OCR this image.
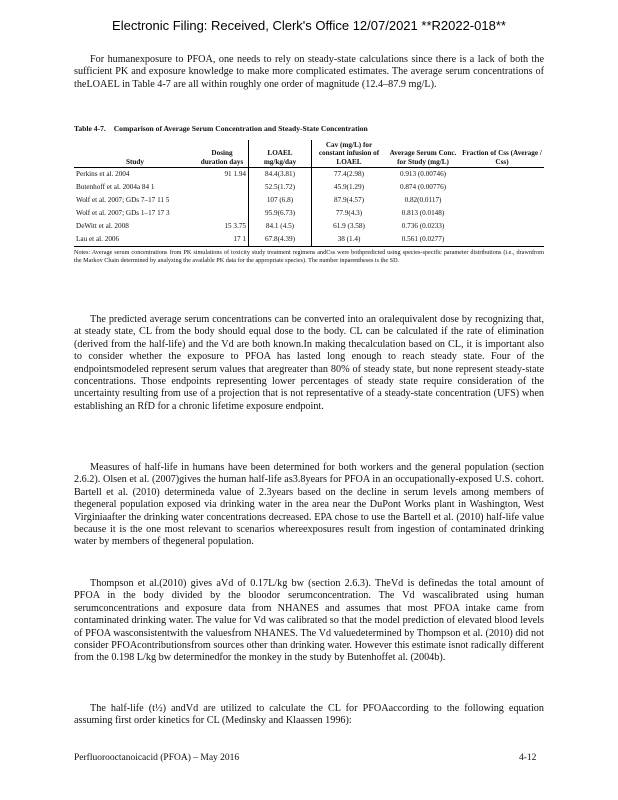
Electronic Filing: Received, Clerk's Office 12/07/2021 **R2022-018**

For humanexposure to PFOA, one needs to rely on steady-state calculations since there is a lack of both the sufficient PK and exposure knowledge to make more complicated estimates. The average serum concentrations of theLOAEL in Table 4-7 are all within roughly one order of magnitude (12.4–87.9 mg/L).

Table 4-7. Comparison of Average Serum Concentration and Steady-State Concentration
Study	Dosing duration days	LOAEL mg/kg/day	Cav (mg/L) for constant infusion of LOAEL	Average Serum Conc. for Study (mg/L)	Fraction of Css (Average / Css)
Perkins et al. 2004	91 1.94	84.4(3.81)	77.4(2.98)	0.913 (0.00746)	
Butenhoff et al. 2004a 84 1		52.5(1.72)	45.9(1.29)	0.874 (0.00776)	
Wolf et al. 2007; GDs 7–17 11 5		107 (6.8)	87.9(4.57)	0.82(0.0117)	
Wolf et al. 2007; GDs 1–17 17 3		95.9(6.73)	77.9(4.3)	0.813 (0.0148)	
DeWitt et al. 2008	15 3.75	84.1 (4.5)	61.9 (3.58)	0.736 (0.0233)	
Lau et al. 2006	17 1	67.8(4.39)	38 (1.4)	0.561 (0.0277)	
Notes: Average serum concentrations from PK simulations of toxicity study treatment regimens andCss were bothpredicted using species-specific parameter distributions (i.e., drawnfrom the Markov Chain determined by analyzing the available PK data for the appropriate species). The number inparentheses is the SD.

The predicted average serum concentrations can be converted into an oralequivalent dose by recognizing that, at steady state, CL from the body should equal dose to the body. CL can be calculated if the rate of elimination (derived from the half-life) and the Vd are both known.In making thecalculation based on CL, it is important also to consider whether the exposure to PFOA has lasted long enough to reach steady state. Four of the endpointsmodeled represent serum values that aregreater than 80% of steady state, but none represent steady-state concentrations. Those endpoints representing lower percentages of steady state require consideration of the uncertainty resulting from use of a projection that is not representative of a steady-state concentration (UFS) when establishing an RfD for a chronic lifetime exposure endpoint.

Measures of half-life in humans have been determined for both workers and the general population (section 2.6.2). Olsen et al. (2007)gives the human half-life as3.8years for PFOA in an occupationally-exposed U.S. cohort. Bartell et al. (2010) determineda value of 2.3years based on the decline in serum levels among members of thegeneral population exposed via drinking water in the area near the DuPont Works plant in Washington, West Virginiaafter the drinking water concentrations decreased. EPA chose to use the Bartell et al. (2010) half-life value because it is the one most relevant to scenarios whereexposures result from ingestion of contaminated drinking water by members of thegeneral population.

Thompson et al.(2010) gives aVd of 0.17L/kg bw (section 2.6.3). TheVd is definedas the total amount of PFOA in the body divided by the bloodor serumconcentration. The Vd wascalibrated using human serumconcentrations and exposure data from NHANES and assumes that most PFOA intake came from contaminated drinking water. The value for Vd was calibrated so that the model prediction of elevated blood levels of PFOA wasconsistentwith the valuesfrom NHANES. The Vd valuedetermined by Thompson et al. (2010) did not consider PFOAcontributionsfrom sources other than drinking water. However this estimate isnot radically different from the 0.198 L/kg bw determinedfor the monkey in the study by Butenhoffet al. (2004b).

The half-life (t½) andVd are utilized to calculate the CL for PFOAaccording to the following equation assuming first order kinetics for CL (Medinsky and Klaassen 1996):

Perfluorooctanoicacid (PFOA) – May 2016	4-12
